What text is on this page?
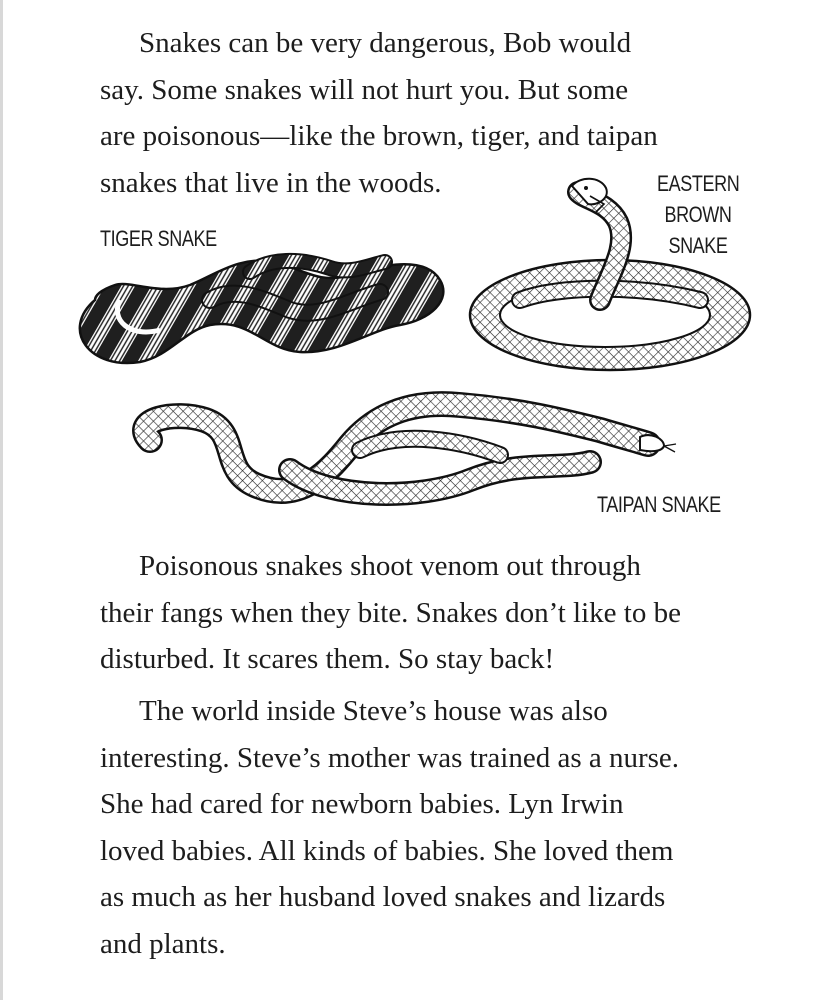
Snakes can be very dangerous, Bob would
say. Some snakes will not hurt you. But some
are poisonous—like the brown, tiger, and taipan
snakes that live in the woods.

TIGER SNAKE
EASTERN
BROWN
SNAKE
TAIPAN SNAKE

Poisonous snakes shoot venom out through
their fangs when they bite. Snakes don’t like to be
disturbed. It scares them. So stay back!

The world inside Steve’s house was also
interesting. Steve’s mother was trained as a nurse.
She had cared for newborn babies. Lyn Irwin
loved babies. All kinds of babies. She loved them
as much as her husband loved snakes and lizards
and plants.
